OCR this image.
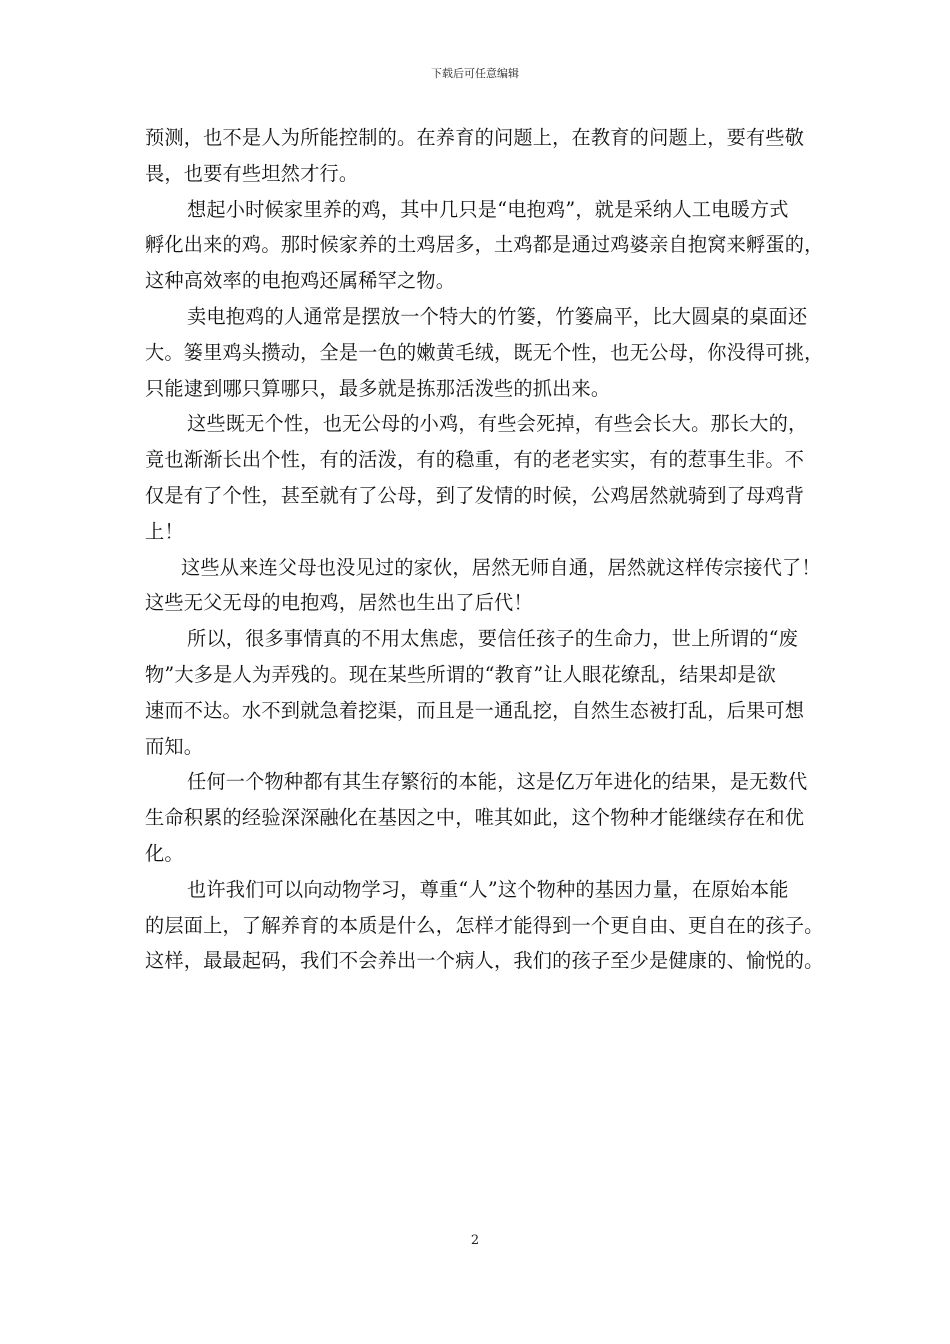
下载后可任意编辑
预测，也不是人为所能控制的。在养育的问题上，在教育的问题上，要有些敬
畏，也要有些坦然才行。
想起小时候家里养的鸡，其中几只是“电抱鸡”，就是采纳人工电暖方式
孵化出来的鸡。那时候家养的土鸡居多，土鸡都是通过鸡婆亲自抱窝来孵蛋的，
这种高效率的电抱鸡还属稀罕之物。
卖电抱鸡的人通常是摆放一个特大的竹篓，竹篓扁平，比大圆桌的桌面还
大。篓里鸡头攒动，全是一色的嫩黄毛绒，既无个性，也无公母，你没得可挑，
只能逮到哪只算哪只，最多就是拣那活泼些的抓出来。
这些既无个性，也无公母的小鸡，有些会死掉，有些会长大。那长大的，
竟也渐渐长出个性，有的活泼，有的稳重，有的老老实实，有的惹事生非。不
仅是有了个性，甚至就有了公母，到了发情的时候，公鸡居然就骑到了母鸡背
上！
这些从来连父母也没见过的家伙，居然无师自通，居然就这样传宗接代了！
这些无父无母的电抱鸡，居然也生出了后代！
所以，很多事情真的不用太焦虑，要信任孩子的生命力，世上所谓的“废
物”大多是人为弄残的。现在某些所谓的“教育”让人眼花缭乱，结果却是欲
速而不达。水不到就急着挖渠，而且是一通乱挖，自然生态被打乱，后果可想
而知。
任何一个物种都有其生存繁衍的本能，这是亿万年进化的结果，是无数代
生命积累的经验深深融化在基因之中，唯其如此，这个物种才能继续存在和优
化。
也许我们可以向动物学习，尊重“人”这个物种的基因力量，在原始本能
的层面上，了解养育的本质是什么，怎样才能得到一个更自由、更自在的孩子。
这样，最最起码，我们不会养出一个病人，我们的孩子至少是健康的、愉悦的。
2
